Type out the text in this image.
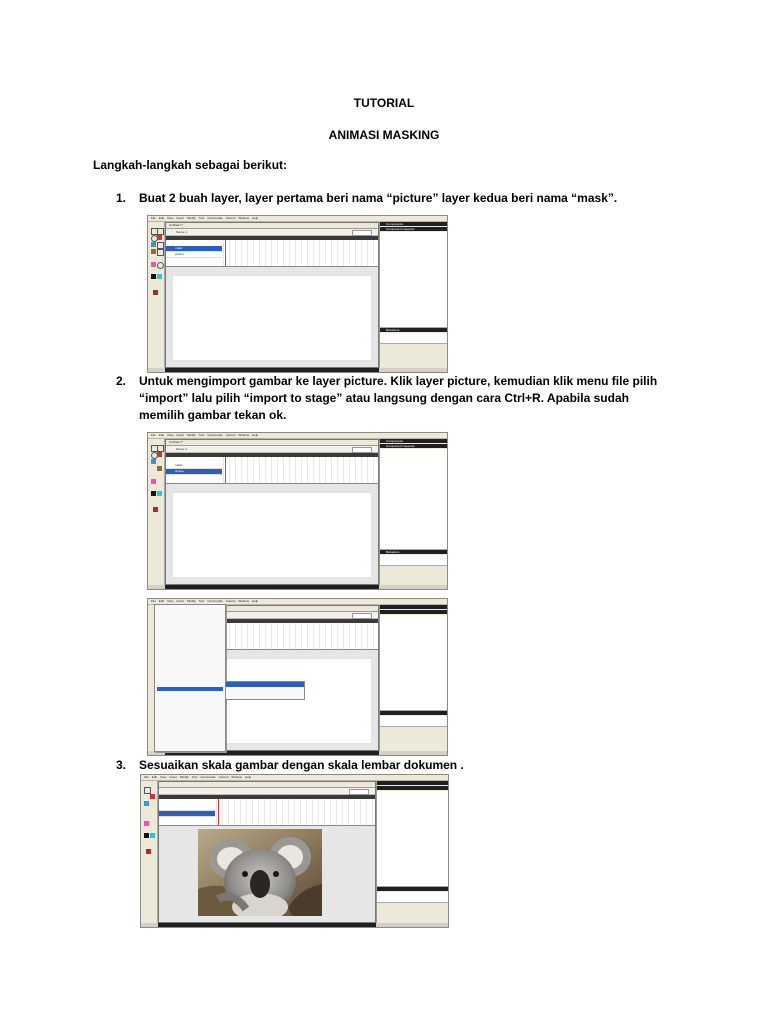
TUTORIAL
ANIMASI MASKING
Langkah-langkah sebagai berikut:
1. Buat 2 buah layer, layer pertama beri nama “picture” layer kedua beri nama “mask”.
File Edit View Insert Modify Text Commands Control Window Help
Untitled-1*
Scene 1
mask
picture
Components
Component Inspector
Behaviors
2. Untuk mengimport gambar ke layer picture. Klik layer picture, kemudian klik menu file pilih
“import” lalu pilih “import to stage” atau langsung dengan cara Ctrl+R. Apabila sudah
memilih gambar tekan ok.
File Edit View Insert Modify Text Commands Control Window Help
Untitled-1*
Scene 1
mask
picture
Components
Component Inspector
Behaviors
File Edit View Insert Modify Text Commands Control Window Help
3. Sesuaikan skala gambar dengan skala lembar dokumen .
File Edit View Insert Modify Text Commands Control Window Help
